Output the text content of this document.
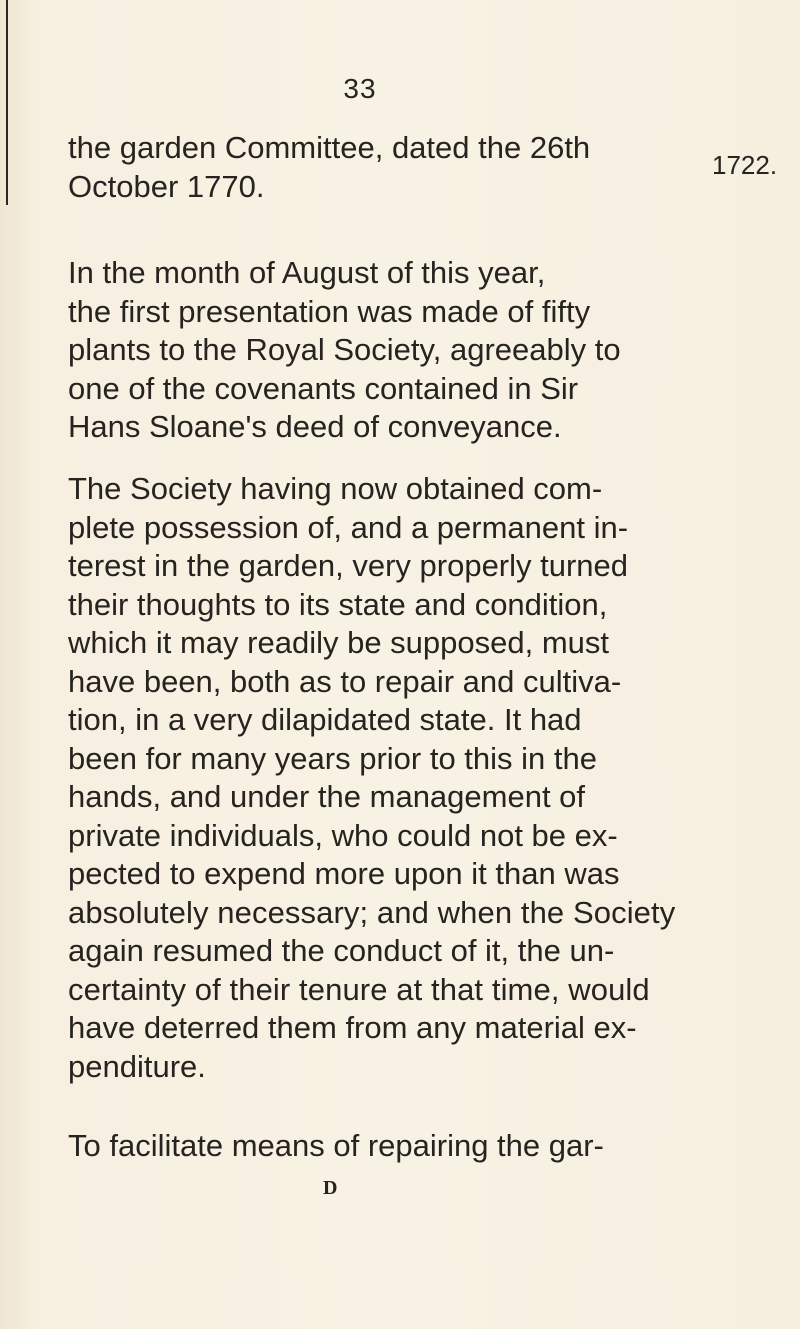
33
1722.
the garden Committee, dated the 26th
October 1770.
In the month of August of this year,
the first presentation was made of fifty
plants to the Royal Society, agreeably to
one of the covenants contained in Sir
Hans Sloane's deed of conveyance.
The Society having now obtained com-
plete possession of, and a permanent in-
terest in the garden, very properly turned
their thoughts to its state and condition,
which it may readily be supposed, must
have been, both as to repair and cultiva-
tion, in a very dilapidated state. It had
been for many years prior to this in the
hands, and under the management of
private individuals, who could not be ex-
pected to expend more upon it than was
absolutely necessary; and when the Society
again resumed the conduct of it, the un-
certainty of their tenure at that time, would
have deterred them from any material ex-
penditure.
To facilitate means of repairing the gar-
D
